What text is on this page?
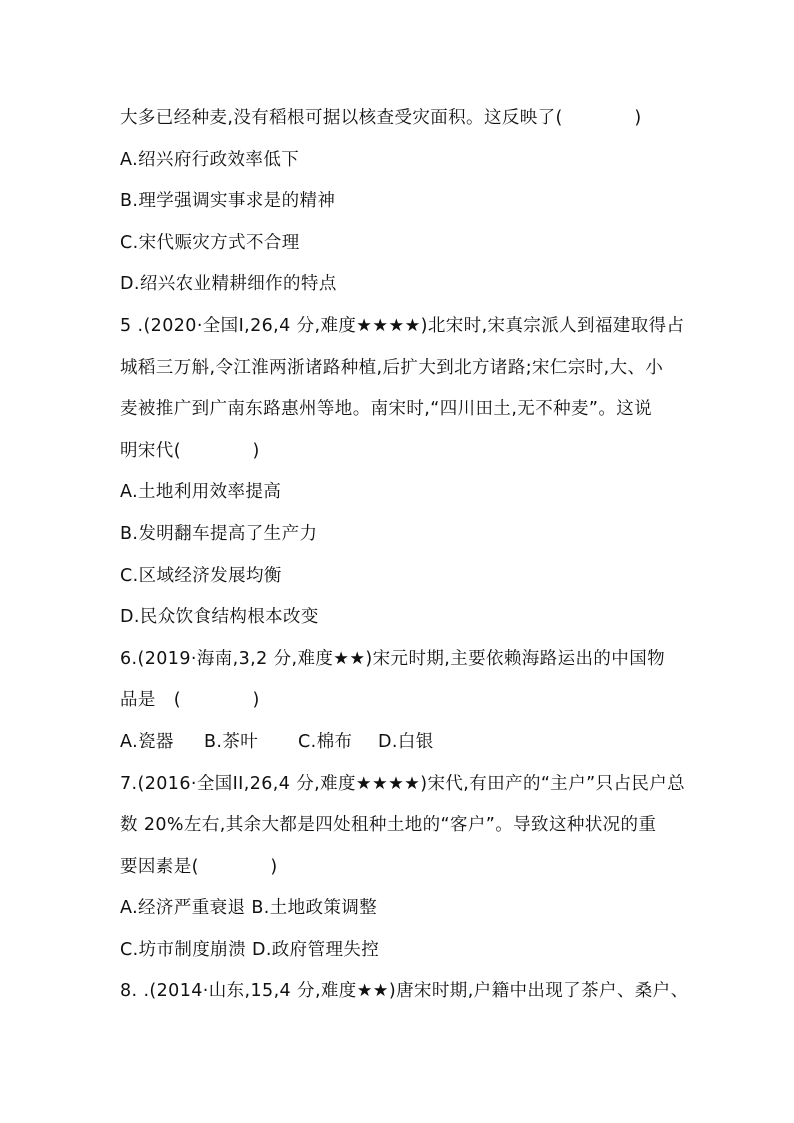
大多已经种麦,没有稻根可据以核查受灾面积。这反映了(　　　　)
A.绍兴府行政效率低下
B.理学强调实事求是的精神
C.宋代赈灾方式不合理
D.绍兴农业精耕细作的特点
5 .(2020·全国I,26,4 分,难度★★★★)北宋时,宋真宗派人到福建取得占
城稻三万斛,令江淮两浙诸路种植,后扩大到北方诸路;宋仁宗时,大、小
麦被推广到广南东路惠州等地。南宋时,“四川田土,无不种麦”。这说
明宋代(　　　　)
A.土地利用效率提高
B.发明翻车提高了生产力
C.区域经济发展均衡
D.民众饮食结构根本改变
6.(2019·海南,3,2 分,难度★★)宋元时期,主要依赖海路运出的中国物
品是　(　　　　)
A.瓷器 B.茶叶 C.棉布 D.白银
7.(2016·全国II,26,4 分,难度★★★★)宋代,有田产的“主户”只占民户总
数 20%左右,其余大都是四处租种土地的“客户”。导致这种状况的重
要因素是(　　　　)
A.经济严重衰退 B.土地政策调整
C.坊市制度崩溃 D.政府管理失控
8. .(2014·山东,15,4 分,难度★★)唐宋时期,户籍中出现了茶户、桑户、
